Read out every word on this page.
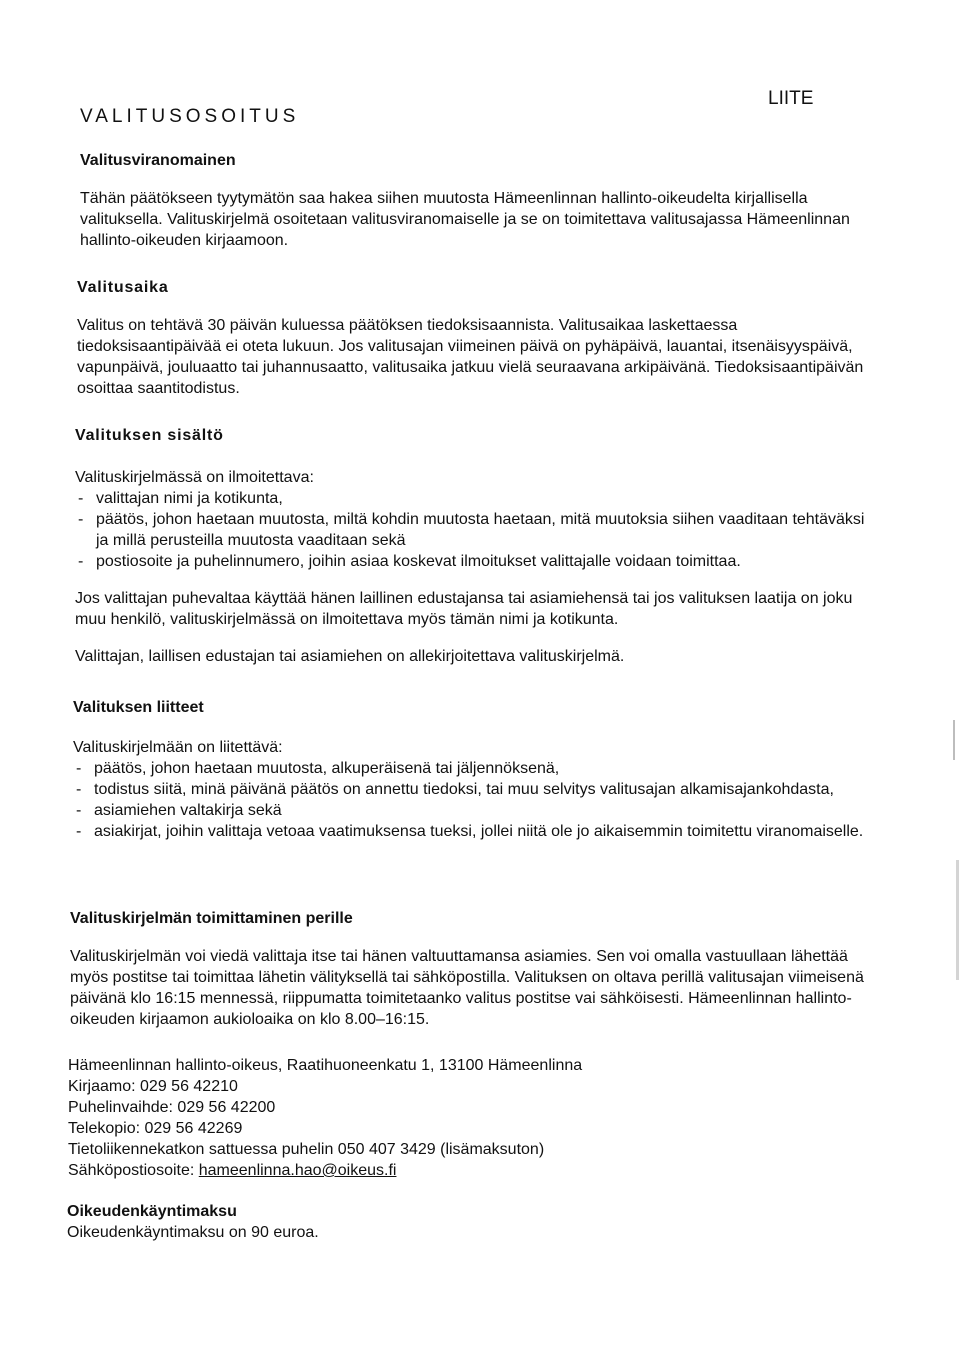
VALITUSOSOITUS

LIITE

Valitusviranomainen

Tähän päätökseen tyytymätön saa hakea siihen muutosta Hämeenlinnan hallinto-oikeudelta kirjallisella valituksella. Valituskirjelmä osoitetaan valitusviranomaiselle ja se on toimitettava valitusajassa Hämeenlinnan hallinto-oikeuden kirjaamoon.

Valitusaika

Valitus on tehtävä 30 päivän kuluessa päätöksen tiedoksisaannista. Valitusaikaa laskettaessa tiedoksisaantipäivää ei oteta lukuun. Jos valitusajan viimeinen päivä on pyhäpäivä, lauantai, itsenäisyyspäivä, vapunpäivä, jouluaatto tai juhannusaatto, valitusaika jatkuu vielä seuraavana arkipäivänä. Tiedoksisaantipäivän osoittaa saantitodistus.

Valituksen sisältö

Valituskirjelmässä on ilmoitettava:

- valittajan nimi ja kotikunta,
- päätös, johon haetaan muutosta, miltä kohdin muutosta haetaan, mitä muutoksia siihen vaaditaan tehtäväksi ja millä perusteilla muutosta vaaditaan sekä
- postiosoite ja puhelinnumero, joihin asiaa koskevat ilmoitukset valittajalle voidaan toimittaa.

Jos valittajan puhevaltaa käyttää hänen laillinen edustajansa tai asiamiehensä tai jos valituksen laatija on joku muu henkilö, valituskirjelmässä on ilmoitettava myös tämän nimi ja kotikunta.

Valittajan, laillisen edustajan tai asiamiehen on allekirjoitettava valituskirjelmä.

Valituksen liitteet

Valituskirjelmään on liitettävä:

- päätös, johon haetaan muutosta, alkuperäisenä tai jäljennöksenä,
- todistus siitä, minä päivänä päätös on annettu tiedoksi, tai muu selvitys valitusajan alkamisajankohdasta,
- asiamiehen valtakirja sekä
- asiakirjat, joihin valittaja vetoaa vaatimuksensa tueksi, jollei niitä ole jo aikaisemmin toimitettu viranomaiselle.

Valituskirjelmän toimittaminen perille

Valituskirjelmän voi viedä valittaja itse tai hänen valtuuttamansa asiamies. Sen voi omalla vastuullaan lähettää myös postitse tai toimittaa lähetin välityksellä tai sähköpostilla. Valituksen on oltava perillä valitusajan viimeisenä päivänä klo 16:15 mennessä, riippumatta toimitetaanko valitus postitse vai sähköisesti. Hämeenlinnan hallinto-oikeuden kirjaamon aukioloaika on klo 8.00–16:15.

Hämeenlinnan hallinto-oikeus, Raatihuoneenkatu 1, 13100 Hämeenlinna

Kirjaamo: 029 56 42210

Puhelinvaihde: 029 56 42200

Telekopio: 029 56 42269

Tietoliikennekatkon sattuessa puhelin 050 407 3429 (lisämaksuton)

Sähköpostiosoite: hameenlinna.hao@oikeus.fi

Oikeudenkäyntimaksu

Oikeudenkäyntimaksu on 90 euroa.
